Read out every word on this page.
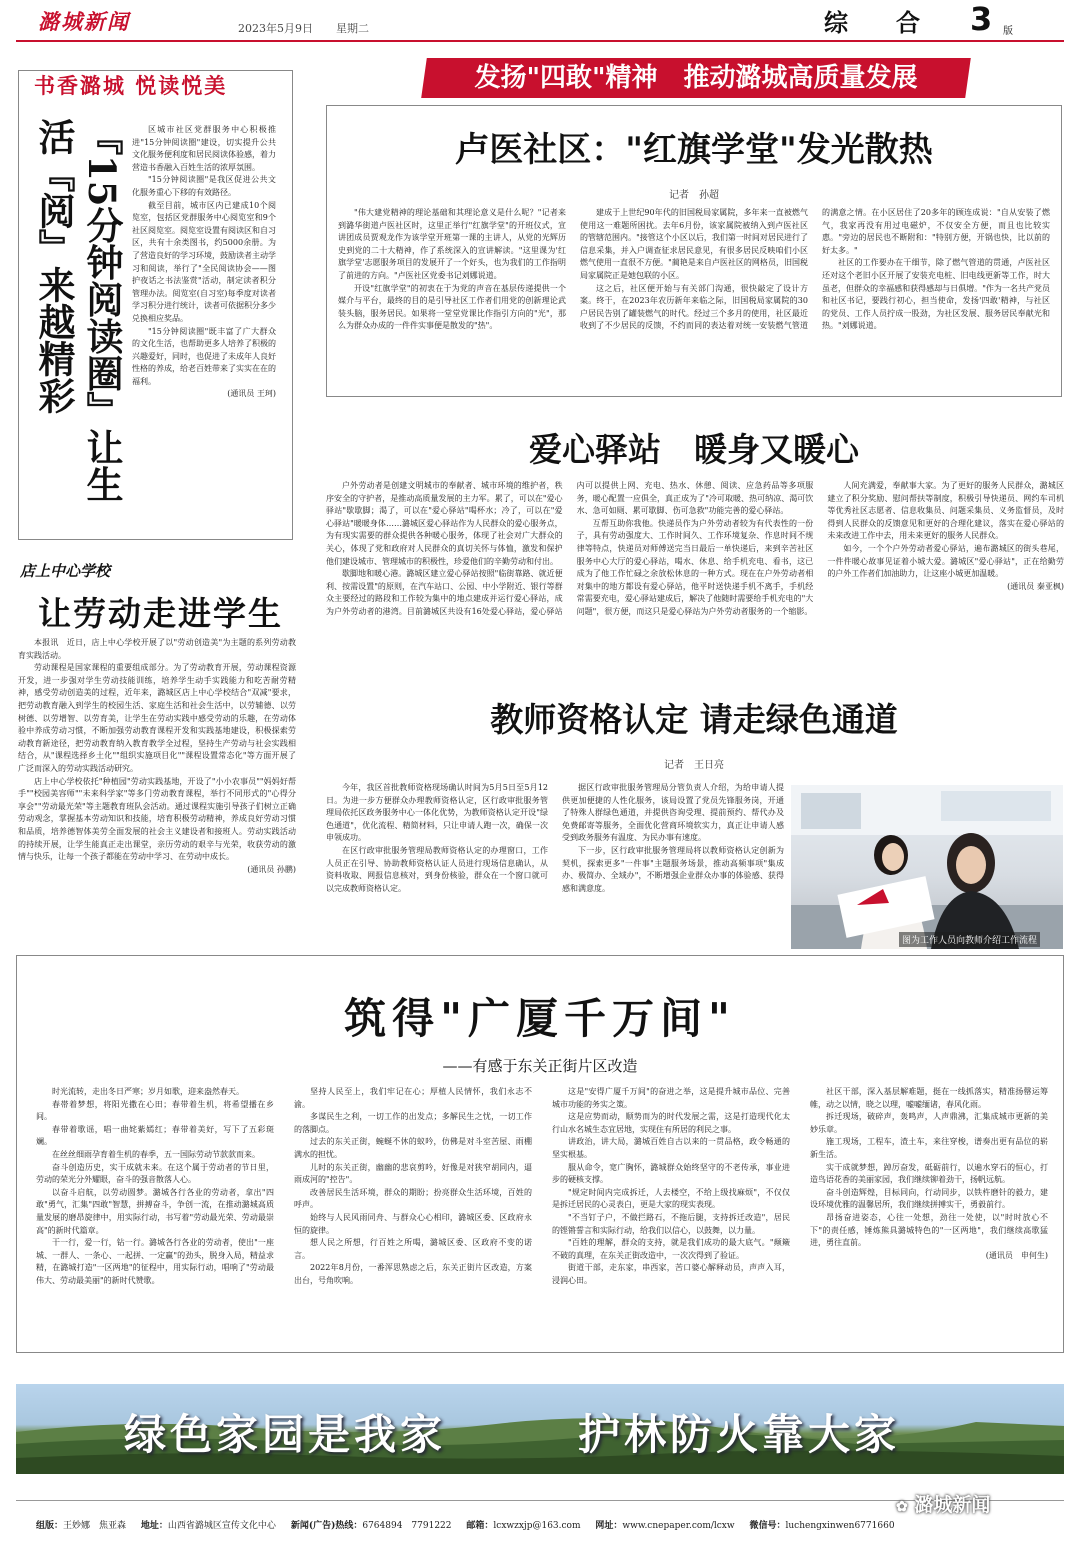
潞城新闻	2023年5月9日 星期二	综　　合 3 版
书香潞城 悦读悦美
『15分钟阅读圈』让生活『阅』来越精彩	区城市社区党群服务中心积极推进"15分钟阅读圈"建设，切实提升公共文化服务便利度和居民阅读体验感，着力营造书香融入百姓生活的浓厚氛围。

"15分钟阅读圈"是我区促进公共文化服务重心下移的有效路径。

截至目前，城市区内已建成10个阅览室，包括区党群服务中心阅览室和9个社区阅览室。阅览室设置有阅读区和自习区，共有十余类图书，约5000余册。为了营造良好的学习环境，鼓励读者主动学习和阅读，举行了"全民阅读协会——图护夜话之书法鉴赏"活动，制定读者积分管理办法。阅览室(自习室)每季度对读者学习积分进行统计，读者可依据积分多少兑换相应奖品。

"15分钟阅读圈"既丰富了广大群众的文化生活，也帮助更多人培养了积极的兴趣爱好，同时，也促进了未成年人良好性格的养成，给老百姓带来了实实在在的福利。

(通讯员 王珂)

店上中心学校
让劳动走进学生

本报讯　近日，店上中心学校开展了以"劳动创造美"为主题的系列劳动教育实践活动。

劳动课程是国家课程的重要组成部分。为了劳动教育开展，劳动课程资源开发，进一步强对学生劳动技能训练，培养学生动手实践能力和吃苦耐劳精神，感受劳动创造美的过程，近年来，潞城区店上中心学校结合"双减"要求，把劳动教育融入到学生的校园生活、家庭生活和社会生活中，以劳辅德、以劳树德、以劳增智、以劳育美，让学生在劳动实践中感受劳动的乐趣，在劳动体验中养成劳动习惯，不断加强劳动教育课程开发和实践基地建设，积极探索劳动教育新途径，把劳动教育纳入教育教学全过程，坚持生产劳动与社会实践相结合，从"课程选择乡土化""组织实施项目化""课程设置常态化"等方面开展了广泛而深入的劳动实践活动研究。

店上中心学校依托"种植园"劳动实践基地，开设了"小小农事员""妈妈好帮手""校园美容师""未来科学家"等多门劳动教育课程，举行不同形式的"心得分享会""劳动最光荣"等主题教育班队会活动。通过课程实施引导孩子们树立正确劳动观念，掌握基本劳动知识和技能，培育积极劳动精神，养成良好劳动习惯和品质，培养德智体美劳全面发展的社会主义建设者和接班人。劳动实践活动的持续开展，让学生能真正走出课堂，亲历劳动的艰辛与光荣，收获劳动的激情与快乐，让每一个孩子都能在劳动中学习、在劳动中成长。

(通讯员 孙鹏)

发扬"四敢"精神　推动潞城高质量发展
卢医社区："红旗学堂"发光散热
记者　孙超

"伟大建党精神的理论基础和其理论意义是什么呢？"记者来到潞华街道卢医社区时，这里正举行"红旗学堂"的开班仪式，宣讲团成员贾观龙作为该学堂开班第一课的主讲人，从党的光辉历史到党的二十大精神，作了系统深入的宣讲解读。"这里课为'红旗学堂'志愿服务项目的发展开了一个好头，也为我们的工作指明了前进的方向。"卢医社区党委书记刘娜说道。

开设"红旗学堂"的初衷在于为党的声音在基层传递提供一个媒介与平台，最终的目的是引导社区工作者们用党的创新理论武装头脑，服务居民。如果将一堂堂党课比作指引方向的"光"，那么为群众办成的一件件实事便是散发的"热"。

建成于上世纪90年代的旧国税局家属院，多年来一直被燃气使用这一难题所困扰。去年6月份，该家属院被纳入到卢医社区的管辖范围内。"接管这个小区以后，我们第一时间对居民进行了信息采集，并入户调查征求居民意见，有很多居民反映咱们小区燃气使用一直很不方便。"蔺艳是来自卢医社区的网格员，旧国税局家属院正是她包联的小区。

这之后，社区便开始与有关部门沟通，很快敲定了设计方案。终于，在2023年农历新年来临之际，旧国税局家属院的30户居民告别了罐装燃气的时代。经过三个多月的使用，社区最近收到了不少居民的反馈，不约而同的表达着对统一安装燃气管道的满意之情。在小区居住了20多年的顾连成说："自从安装了燃气，我家再没有用过电磁炉，不仅安全方便，而且也比较实惠。"旁边的居民也不断附和："特别方便，开锅也快，比以前的好太多。"

社区的工作要办在干细节，除了燃气管道的贯通，卢医社区还对这个老旧小区开展了安装充电桩、旧电线更新等工作，时大虽老，但群众的幸福感和获得感却与日俱增。"作为一名共产党员和社区书记，要践行初心，担当使命，发扬'四敢'精神，与社区的党员、工作人员拧成一股劲，为社区发展、服务居民奉献光和热。"刘娜说道。

爱心驿站　暖身又暖心

户外劳动者是创建文明城市的奉献者、城市环境的维护者，秩序安全的守护者，是推动高质量发展的主力军。累了，可以在"爱心驿站"歇歇脚；渴了，可以在"爱心驿站"喝杯水；冷了，可以在"爱心驿站"暖暖身体……潞城区爱心驿站作为人民群众的爱心服务点，为有现实需要的群众提供各种暖心服务，体现了社会对广大群众的关心，体现了党和政府对人民群众的真切关怀与体恤，激发和保护他们建设城市、管理城市的积极性，珍爱他们的辛勤劳动和付出。

歇脚地和暖心港。潞城区建立爱心驿站按照"临街靠路、就近便利、按需设置"的原则，在汽车站口、公园、中小学附近、银行等群众主要经过的路段和工作较为集中的地点建成并运行爱心驿站，成为户外劳动者的港湾。目前潞城区共设有16处爱心驿站，爱心驿站内可以提供上网、充电、热水、休憩、阅读、应急药品等多项服务，暖心配置一应俱全，真正成为了"冷可取暖、热可纳凉、渴可饮水、急可如厕、累可歇脚、伤可急救"功能完善的爱心驿站。

互帮互助你我他。快递员作为户外劳动者较为有代表性的一份子，具有劳动强度大、工作时间久、工作环境复杂、作息时间不规律等特点，快递员对师傅送完当日最后一单快递后，来到辛苦社区服务中心大厅的爱心驿站，喝水、休息、给手机充电、看书，这已成为了他工作忙碌之余放松休息的一种方式。现在在户外劳动者相对集中的地方都设有爱心驿站，他平时送快递手机不离手，手机经常需要充电，爱心驿站建成后，解决了他随时需要给手机充电的"大问题"，很方便，而这只是爱心驿站为户外劳动者服务的一个缩影。

人间充满爱，奉献事大家。为了更好的服务人民群众，潞城区建立了积分奖励、慰问帮扶等制度，积极引导快递员、网约车司机等优秀社区志愿者、信息收集员、问题采集员、义务监督员，及时得到人民群众的反馈意见和更好的合理化建议，落实在爱心驿站的未来改进工作中去，用未来更好的服务人民群众。

如今，一个个户外劳动者爱心驿站，遍布潞城区的街头巷尾，一件件暖心故事见证着小城大爱。潞城区"爱心驿站"，正在给勤劳的户外工作者们加油助力，让这座小城更加温暖。

(通讯员 秦亚枫)

教师资格认定 请走绿色通道
记者　王日亮

今年，我区首批教师资格现场确认时间为5月5日至5月12日。为进一步方便群众办理教师资格认定，区行政审批服务管理局依托区政务服务中心一体化优势，为教师资格认定开设"绿色通道"，优化流程、精简材料，只让申请人跑一次，确保一次申领成功。

在区行政审批服务管理局教师资格认定的办理窗口，工作人员正在引导、协助教师资格认证人员进行现场信息确认，从资料收取、网报信息核对，到身份核验，群众在一个窗口就可以完成教师资格认定。

据区行政审批服务管理局分管负责人介绍，为给申请人提供更加便捷的人性化服务，该局设置了党员先锋服务岗，开通了特殊人群绿色通道，并提供咨询受理、提前预约、帮代办及免费邮寄等服务，全面优化营商环境软实力，真正让申请人感受到政务服务有温度、为民办事有速度。

下一步，区行政审批服务管理局将以教师资格认定创新为契机，探索更多"一件事"主题服务场景，推动高频事项"集成办、极简办、全域办"，不断增强企业群众办事的体验感、获得感和满意度。

图为工作人员向教师介绍工作流程
筑得"广厦千万间"
——有感于东关正街片区改造

时光流转，走出冬日严寒；岁月如歌，迎来盎然春天。

春帯着梦想，将阳光撒在心田；春带着生机，将希望播在乡间。

春带着歌谣，唱一曲姹紫嫣红；春带着美好，写下了五彩斑斓。

在丝丝细雨孕育着生机的春季，五一国际劳动节款款而来。

奋斗创造历史，实干成就未来。在这个属于劳动者的节日里，劳动的荣光分外耀眼，奋斗的强音散落人心。

以奋斗启航，以劳动圆梦。潞城各行各业的劳动者，拿出"四敢"勇气，汇集"四敢"智慧，拼搏奋斗，争创一流，在推动潞城高质量发展的磨昂旋律中，用实际行动，书写着"劳动最光荣、劳动最崇高"的新时代篇章。

干一行，爱一行，钻一行。潞城各行各业的劳动者，使出"一座城、一群人、一条心、一起拼、一定赢"的劲头，脱身入局，精益求精，在潞城打造"一区两地"的征程中，用实际行动，唱响了"劳动最伟大、劳动最美丽"的新时代赞歌。

坚持人民至上，我们牢记在心；厚植人民情怀，我们永志不渝。

多谋民生之利，一切工作的出发点；多解民生之忧，一切工作的落脚点。

过去的东关正街，蜿蜒不休的蚁吟，仿佛是对斗室苦屋、雨棚满水的担忧。

儿时的东关正街，幽幽的悲哀剪吟，好像是对狭窄胡同内，逼雨成河的"控告"。

改善居民生活环境，群众的期盼；扮亮群众生活环境，百姓的呼声。

始终与人民风雨同舟、与群众心心相印，潞城区委、区政府永恒的旋律。

想人民之所想，行百姓之所喝，潞城区委、区政府不变的诺言。

2022年8月份，一番浑思熟虑之后，东关正街片区改造，方案出台，号角吹响。

这是"安得广厦千万间"的奋进之举，这是提升城市品位、完善城市功能的务实之策。

这是应势而动，顺势而为的时代发展之需，这是打造现代化太行山水名城生态宜居地，实现住有所居的利民之事。

讲政治，讲大局，潞城百姓自古以来的一贯品格，政令畅通的坚实根基。

服从命令，宽广胸怀，潞城群众始终坚守的不老传承，事业进步的硬核支撑。

"规定时间内完成拆迁，人去楼空，不给上级找麻烦"，不仅仅是拆迁居民的心灵表白，更是大家的现实表现。

"不当钉子户，不做拦路石，不拖后腿，支持拆迁改造"，居民的铿锵誓言和实际行动，给我们以信心，以鼓舞，以力量。

"百姓的理解，群众的支持，就是我们成功的最大底气。"颠簸不破的真理，在东关正街改造中，一次次得到了验证。

街道干部，走东家，串西家，苦口婆心解释动员，声声入耳，浸润心田。

社区干部，深入基层解难题，挺在一线抓落实，精准扬罄运筹帷，动之以情，晓之以理，嘘嘘缅诸，春风化雨。

拆迁现场，破碎声，轰鸣声，人声鼎沸，汇集成城市更新的美妙乐章。

施工现场，工程车，渣土车，来往穿梭，谱奏出更有品位的崭新生活。

实干成就梦想，踔厉奋发，砥砺前行，以遍水穿石的恒心，打造鸟语花香的美丽家园，我们继续铆着劲干，扬帆远航。

奋斗创造辉煌，目标同向，行动同步，以铁杵磨针的毅力，建设环境优雅的温馨居所，我们继续拼搏实干，勇毅前行。

昂扬奋进姿态，心往一处想，劲往一处使，以"时时放心不下"的责任感，锤炼熊具潞城特色的"一区两地"，我们继续高歌猛进，勇往直前。

(通讯员　申何生)

绿色家园是我家	护林防火靠大家
组版：王妙娜　焦亚森 地址：山西省潞城区宣传文化中心 新闻(广告)热线：6764894　7791222 邮箱：lcxwzxjp@163.com 网址：www.cnepaper.com/lcxw 微信号：luchengxinwen6771660
✿ 潞城新闻
